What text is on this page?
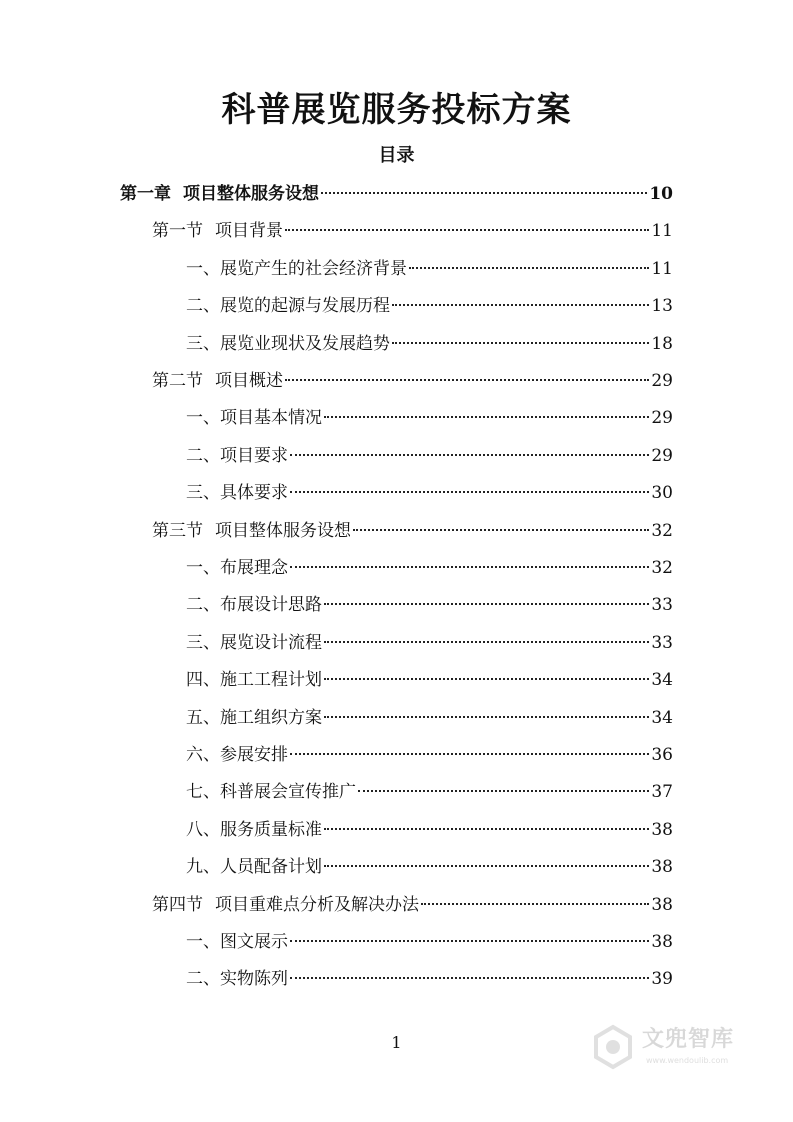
科普展览服务投标方案
目录
第一章 项目整体服务设想	10
第一节 项目背景	11
一、展览产生的社会经济背景	11
二、展览的起源与发展历程	13
三、展览业现状及发展趋势	18
第二节 项目概述	29
一、项目基本情况	29
二、项目要求	29
三、具体要求	30
第三节 项目整体服务设想	32
一、布展理念	32
二、布展设计思路	33
三、展览设计流程	33
四、施工工程计划	34
五、施工组织方案	34
六、参展安排	36
七、科普展会宣传推广	37
八、服务质量标准	38
九、人员配备计划	38
第四节 项目重难点分析及解决办法	38
一、图文展示	38
二、实物陈列	39
1	文兜智库
www.wendoulib.com
